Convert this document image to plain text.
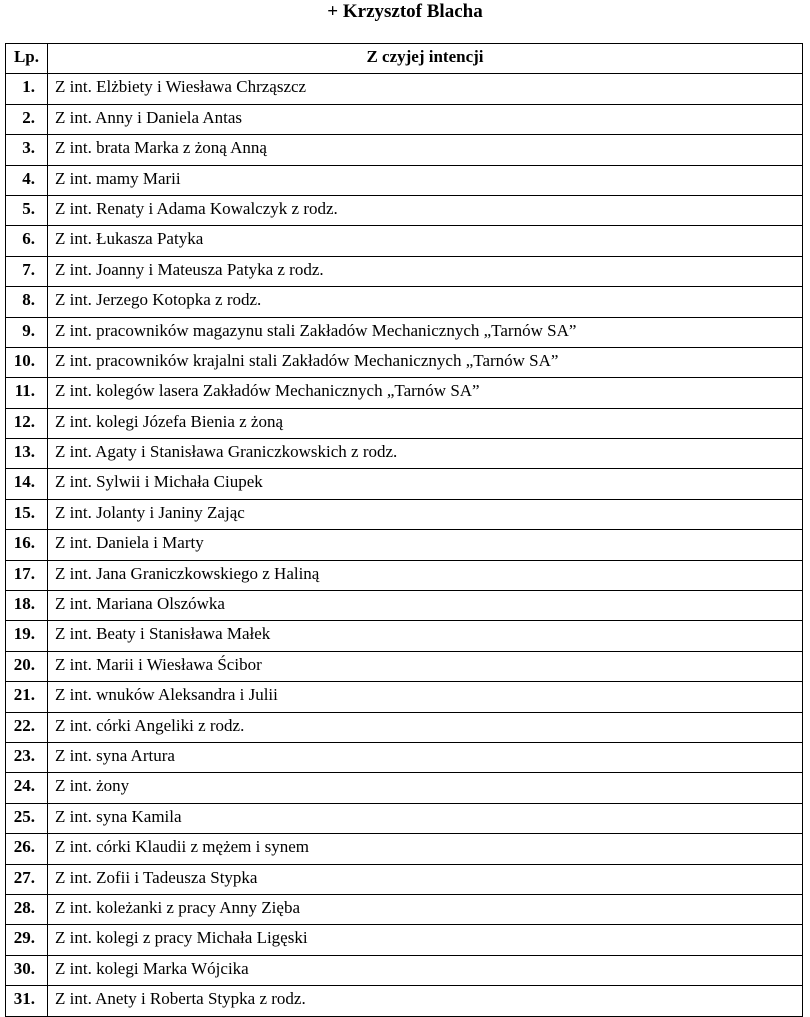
+ Krzysztof Blacha
Lp.	Z czyjej intencji
1.	Z int. Elżbiety i Wiesława Chrząszcz
2.	Z int. Anny i Daniela Antas
3.	Z int. brata Marka z żoną Anną
4.	Z int. mamy Marii
5.	Z int. Renaty i Adama Kowalczyk z rodz.
6.	Z int. Łukasza Patyka
7.	Z int. Joanny i Mateusza Patyka z rodz.
8.	Z int. Jerzego Kotopka z rodz.
9.	Z int. pracowników magazynu stali Zakładów Mechanicznych „Tarnów SA”
10.	Z int. pracowników krajalni stali Zakładów Mechanicznych „Tarnów SA”
11.	Z int. kolegów lasera Zakładów Mechanicznych „Tarnów SA”
12.	Z int. kolegi Józefa Bienia z żoną
13.	Z int. Agaty i Stanisława Graniczkowskich z rodz.
14.	Z int. Sylwii i Michała Ciupek
15.	Z int. Jolanty i Janiny Zając
16.	Z int. Daniela i Marty
17.	Z int. Jana Graniczkowskiego z Haliną
18.	Z int. Mariana Olszówka
19.	Z int. Beaty i Stanisława Małek
20.	Z int. Marii i Wiesława Ścibor
21.	Z int. wnuków Aleksandra i Julii
22.	Z int. córki Angeliki z rodz.
23.	Z int. syna Artura
24.	Z int. żony
25.	Z int. syna Kamila
26.	Z int. córki Klaudii z mężem i synem
27.	Z int. Zofii i Tadeusza Stypka
28.	Z int. koleżanki z pracy Anny Zięba
29.	Z int. kolegi z pracy Michała Ligęski
30.	Z int. kolegi Marka Wójcika
31.	Z int. Anety i Roberta Stypka z rodz.
